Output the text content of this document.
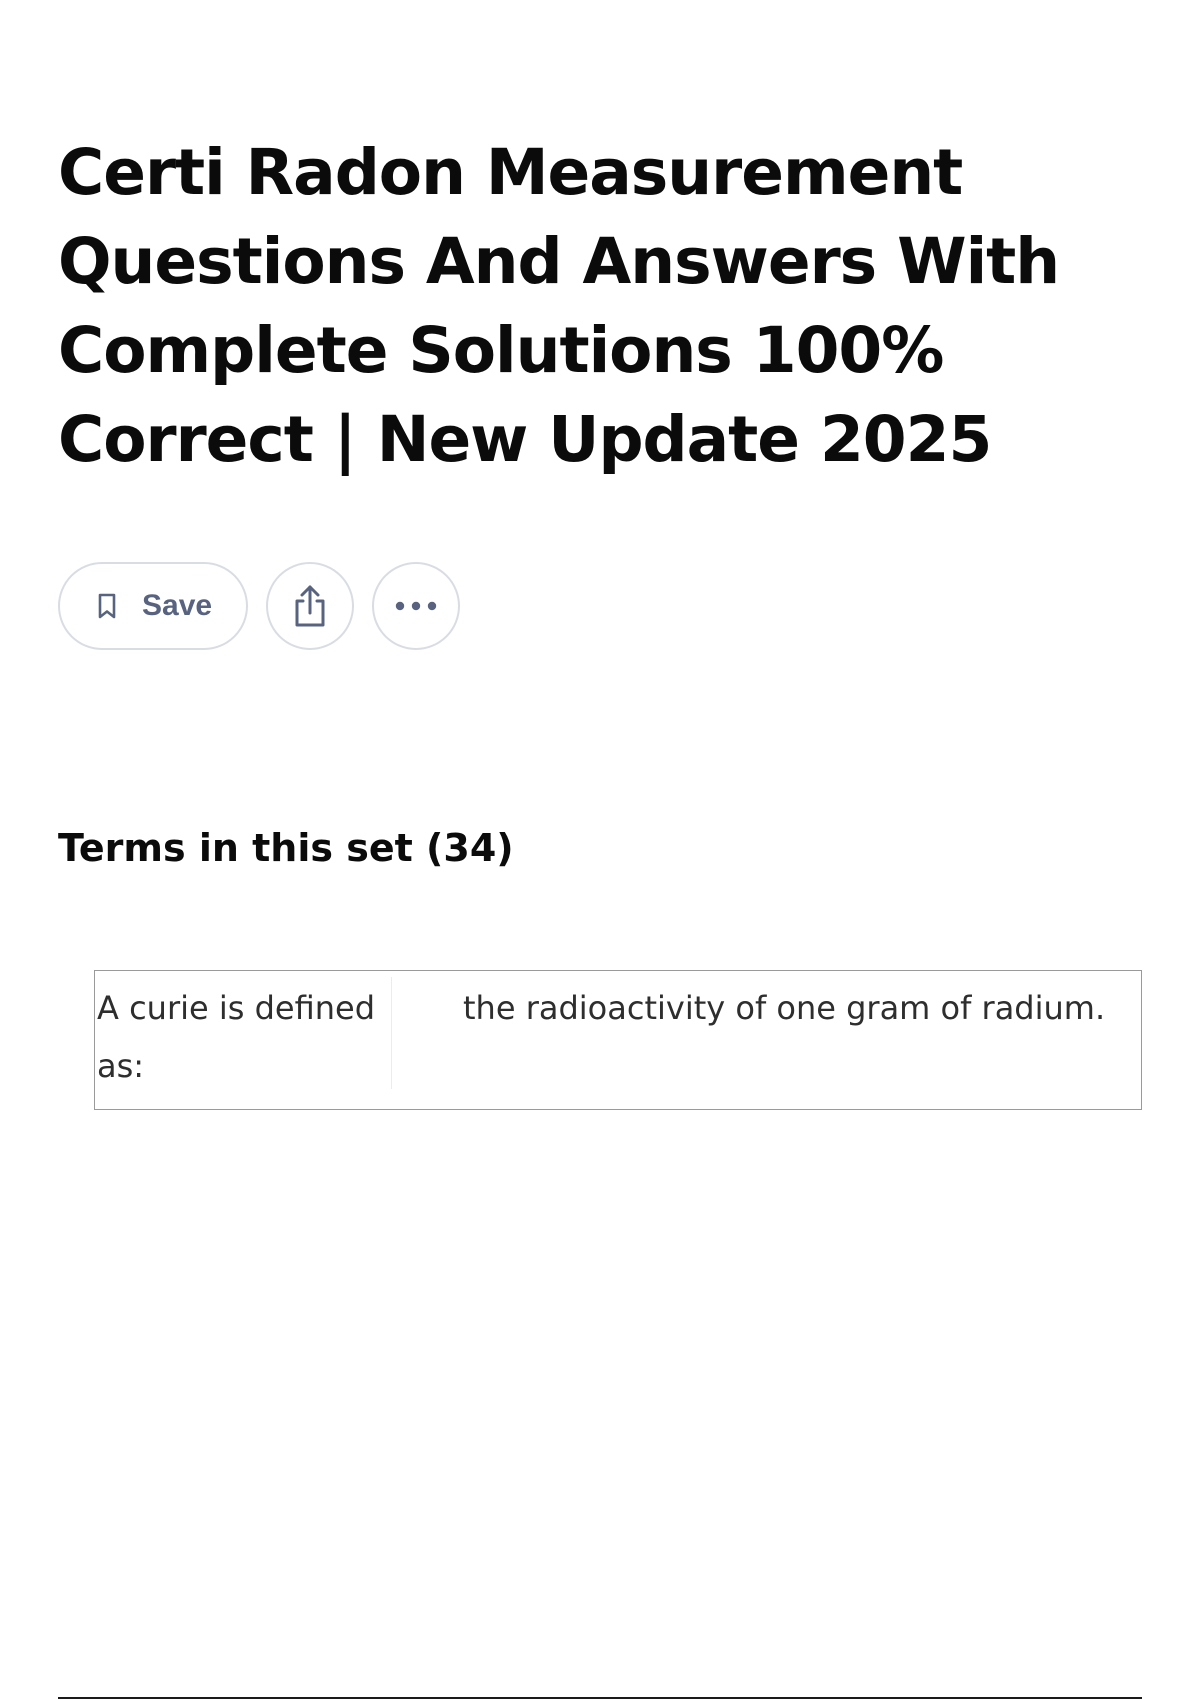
Certi Radon Measurement Questions And Answers With Complete Solutions 100% Correct | New Update 2025
Save
Terms in this set (34)
A curie is defined as:
the radioactivity of one gram of radium.
